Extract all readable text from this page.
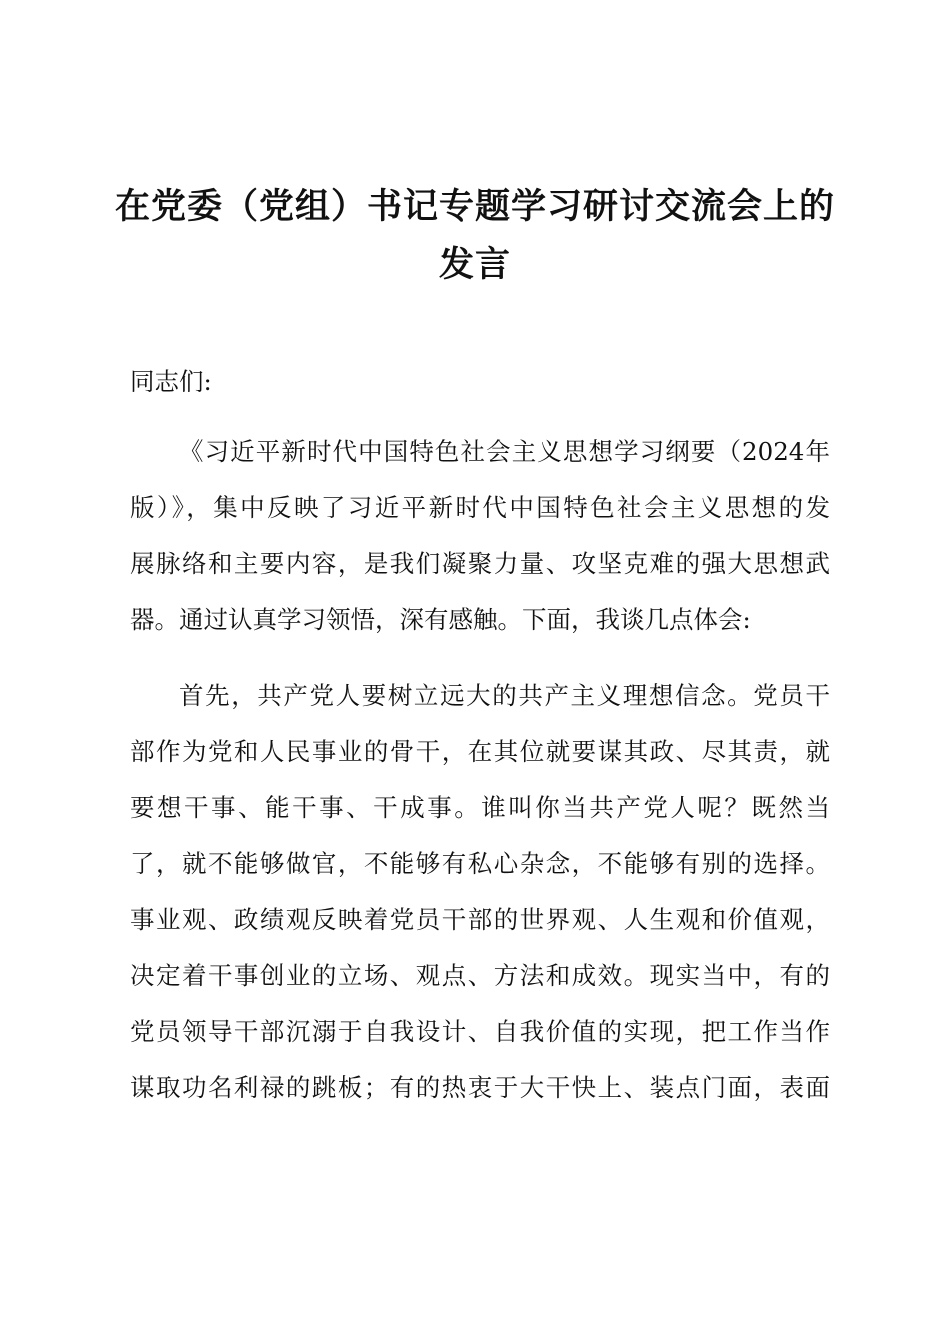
在党委（党组）书记专题学习研讨交流会上的
发言
同志们:
《习近平新时代中国特色社会主义思想学习纲要（2024年
版）》，集中反映了习近平新时代中国特色社会主义思想的发
展脉络和主要内容，是我们凝聚力量、攻坚克难的强大思想武
器。通过认真学习领悟，深有感触。下面，我谈几点体会:
首先，共产党人要树立远大的共产主义理想信念。党员干
部作为党和人民事业的骨干，在其位就要谋其政、尽其责，就
要想干事、能干事、干成事。谁叫你当共产党人呢？既然当
了，就不能够做官，不能够有私心杂念，不能够有别的选择。
事业观、政绩观反映着党员干部的世界观、人生观和价值观，
决定着干事创业的立场、观点、方法和成效。现实当中，有的
党员领导干部沉溺于自我设计、自我价值的实现，把工作当作
谋取功名利禄的跳板；有的热衷于大干快上、装点门面，表面
